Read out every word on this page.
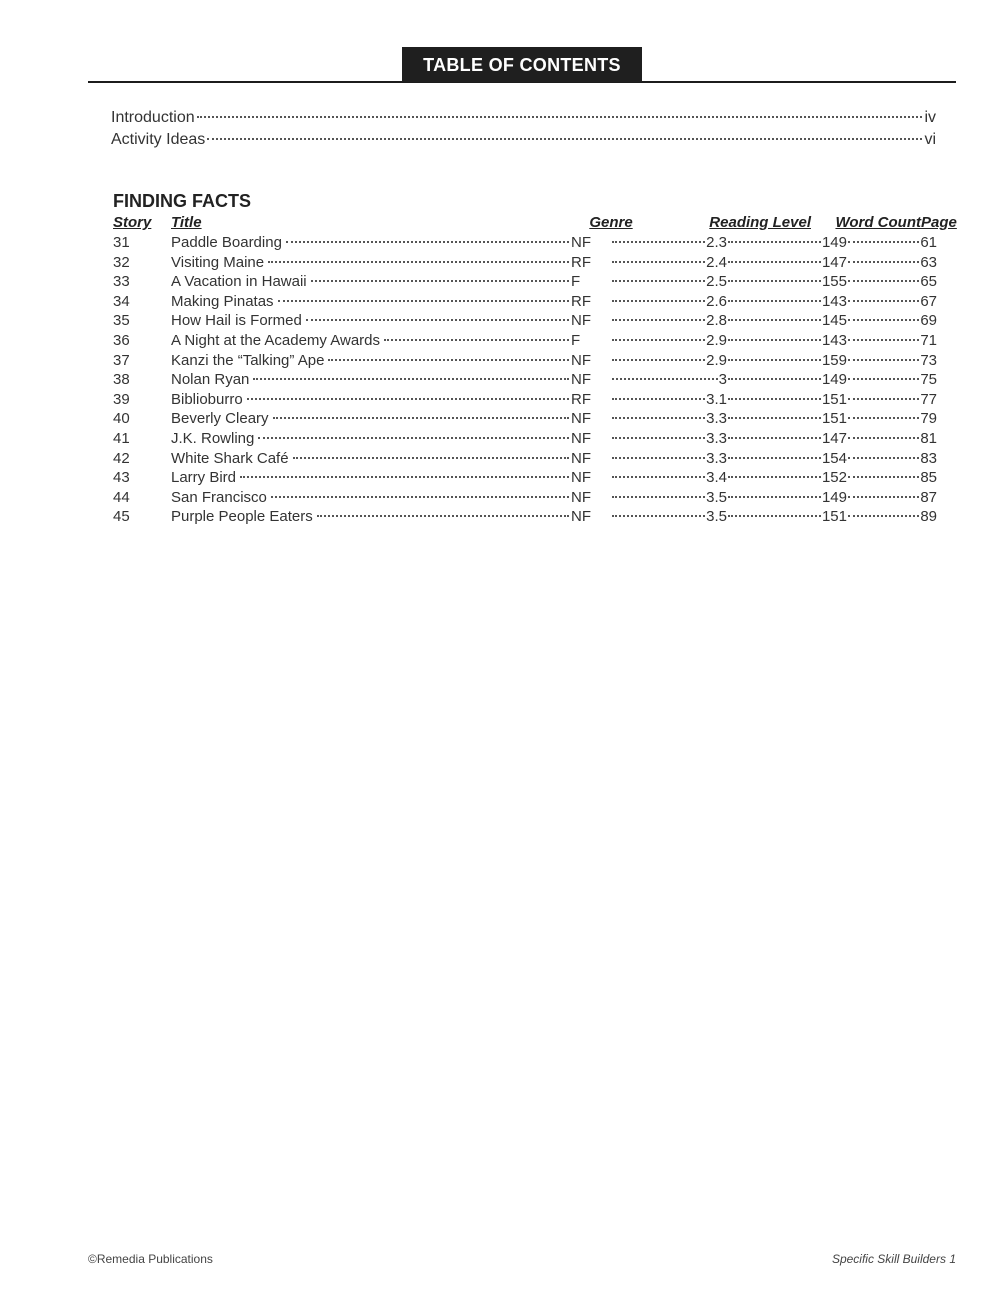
TABLE OF CONTENTS
Introduction	iv
Activity Ideas	vi
FINDING FACTS
Story	Title	Genre	Reading Level	Word Count Page
31	Paddle Boarding	NF	2.3	149	61
32	Visiting Maine	RF	2.4	147	63
33	A Vacation in Hawaii	F	2.5	155	65
34	Making Pinatas	RF	2.6	143	67
35	How Hail is Formed	NF	2.8	145	69
36	A Night at the Academy Awards	F	2.9	143	71
37	Kanzi the “Talking” Ape	NF	2.9	159	73
38	Nolan Ryan	NF	3	149	75
39	Biblioburro	RF	3.1	151	77
40	Beverly Cleary	NF	3.3	151	79
41	J.K. Rowling	NF	3.3	147	81
42	White Shark Café	NF	3.3	154	83
43	Larry Bird	NF	3.4	152	85
44	San Francisco	NF	3.5	149	87
45	Purple People Eaters	NF	3.5	151	89
©Remedia Publications	Specific Skill Builders 1
